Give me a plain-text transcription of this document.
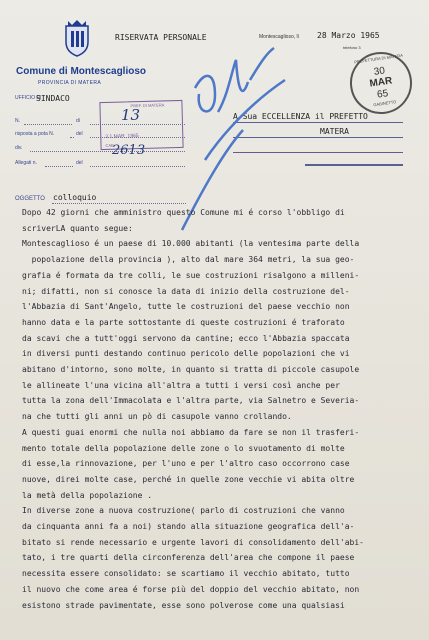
Comune di Montescaglioso
PROVINCIA DI MATERA
RISERVATA PERSONALE	Montescaglioso, lì 28 Marzo 1965
telefono 3
UFFICIO DI
SINDACO
N.
risposta a pota N.
div.
Allegati n.
di
del
del
OGGETTO colloquio
PREF. DI MATERA
3 1 MAR. 1965
CAB.
13
2613
A Sua ECCELLENZA il PREFETTO
MATERA
PREFETTURA DI MATERA
30
MAR
65
GABINETTO
Dopo 42 giorni che amministro questo Comune mi é corso l'obbligo di
scriverLA quanto segue:
Montescaglioso é un paese di 10.000 abitanti (la ventesima parte della
popolazione della provincia ), alto dal mare 364 metri, la sua geo-
grafia é formata da tre colli, le sue costruzioni risalgono a milleni-
ni; difatti, non si conosce la data di inizio della costruzione del-
l'Abbazia di Sant'Angelo, tutte le costruzioni del paese vecchio non
hanno data e la parte sottostante di queste costruzioni é traforato
da scavi che a tutt'oggi servono da cantine; ecco l'Abbazia spaccata
in diversi punti destando continuo pericolo delle popolazioni che vi
abitano d'intorno, sono molte, in quanto si tratta di piccole casupole
le allineate l'una vicina all'altra a tutti i versi così anche per
tutta la zona dell'Immacolata e l'altra parte, via Salnetro e Severia-
na che tutti gli anni un pò di casupole vanno crollando.
A questi guai enormi che nulla noi abbiamo da fare se non il trasferi-
mento totale della popolazione delle zone o lo svuotamento di molte
di esse,la rinnovazione, per l'uno e per l'altro caso occorrono case
nuove, direi molte case, perché in quelle zone vecchie vi abita oltre
la metà della popolazione .
In diverse zone a nuova costruzione( parlo di costruzioni che vanno
da cinquanta anni fa a noi) stando alla situazione geografica dell'a-
bitato si rende necessario e urgente lavori di consolidamento dell'abi-
tato, i tre quarti della circonferenza dell'area che compone il paese
necessita essere consolidato: se scartiamo il vecchio abitato, tutto
il nuovo che come area é forse più del doppio del vecchio abitato, non
esistono strade pavimentate, esse sono polverose come una qualsiasi
